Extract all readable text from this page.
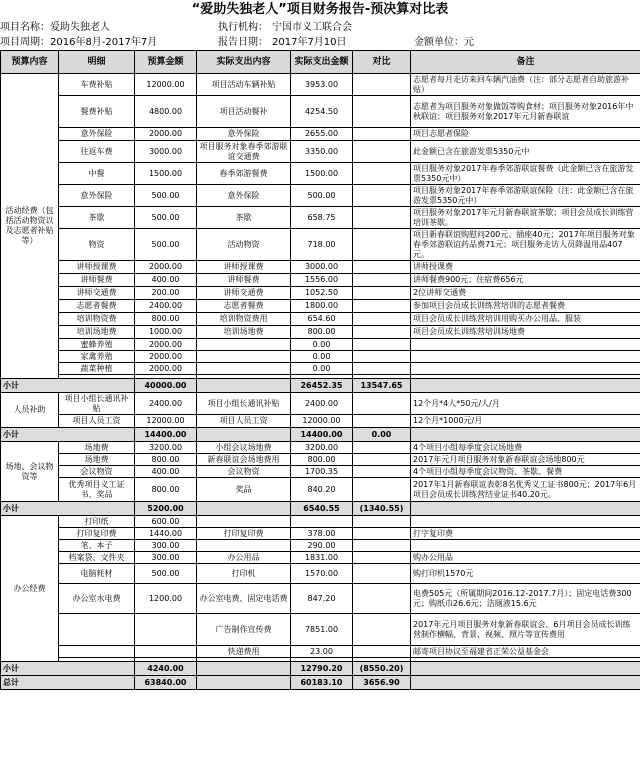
“爱助失独老人”项目财务报告-预决算对比表
项目名称： 爱助失独老人	执行机构： 宁国市义工联合会
项目周期： 2016年8月-2017年7月	报告日期： 2017年7月10日	金额单位： 元
预算内容	明细	预算金额	实际支出内容	实际支出金额	对比	备注
活动经费（包括活动物资以及志愿者补贴等）	车费补贴	12000.00	项目活动车辆补贴	3953.00		志愿者每月走访来回车辆汽油费（注：部分志愿者自助旅游补贴）
	餐费补贴	4800.00	项目活动餐补	4254.50		志愿者为项目服务对象做饭等购食材；项目服务对象2016年中秋联谊；项目服务对象2017年元月新春联谊
	意外保险	2000.00	意外保险	2655.00		项目志愿者保险
	往返车费	3000.00	项目服务对象春季郊游联谊交通费	3350.00		此金额已含在旅游发票5350元中
	中餐	1500.00	春季郊游餐费	1500.00		项目服务对象2017年春季郊游联谊餐费（此金额已含在旅游发票5350元中）
	意外保险	500.00	意外保险	500.00		项目服务对象2017年春季郊游联谊保险（注：此金额已含在旅游发票5350元中）
	茶歇	500.00	茶歇	658.75		项目服务对象2017年元月新春联谊茶歇；项目会员成长训练营培训茶歇。
	物资	500.00	活动物资	718.00		项目新春联谊购慰问200元、插座40元；2017年项目服务对象春季郊游联谊药品费71元；项目服务走访人员降温用品407元。
	讲师授课费	2000.00	讲师授课费	3000.00		讲师授课费
	讲师餐费	400.00	讲师餐费	1556.00		讲师餐费900元；住宿费656元
	讲师交通费	200.00	讲师交通费	1052.50		2位讲师交通费
	志愿者餐费	2400.00	志愿者餐费	1800.00		参加项目会员成长训练营培训的志愿者餐费
	培训物资费	800.00	培训物资费用	654.60		项目会员成长训练营培训用购买办公用品、服装
	培训场地费	1000.00	培训场地费	800.00		项目会员成长训练营培训场地费
	蜜蜂养殖	2000.00		0.00		
	家禽养殖	2000.00		0.00		
	蔬菜种植	2000.00		0.00		

小计		40000.00		26452.35	13547.65	
人员补助	项目小组长通讯补贴	2400.00	项目小组长通讯补贴	2400.00		12个月*4人*50元/人/月
	项目人员工资	12000.00	项目人员工资	12000.00		12个月*1000元/月
小计		14400.00		14400.00	0.00	
场地、会议物资等	场地费	3200.00	小组会议场地费	3200.00		4个项目小组每季度会议场地费
	场地费	800.00	新春联谊会场地费用	800.00		2017年元月项目服务对象新春联谊会场地800元
	会议物资	400.00	会议物资	1700.35		4个项目小组每季度会议物资、茶歇、餐费
	优秀项目义工证书、奖品	800.00	奖品	840.20		2017年1月新春联谊表彰8名优秀义工证书800元；2017年6月项目会员成长训练营结业证书40.20元。
小计		5200.00		6540.55	(1340.55)	
办公经费	打印纸	600.00				
	打印复印费	1440.00	打印复印费	378.00		打字复印费
	笔、本子	300.00		290.00		
	档案袋、文件夹	300.00	办公用品	1831.00		购办公用品
	电脑耗材	500.00	打印机	1570.00		购打印机1570元
	办公室水电费	1200.00	办公室电费、固定电话费	847.20		电费505元（所属期间2016.12-2017.7月）；固定电话费300元；购纸巾26.6元；洁厕液15.6元
			广告制作宣传费	7851.00		2017年元月项目服务对象新春联谊会、6月项目会员成长训练营制作横幅、背景、视频、照片等宣传费用
			快递费用	23.00		邮寄项目协议至福建省正荣公益基金会

小计		4240.00		12790.20	(8550.20)	
总计		63840.00		60183.10	3656.90	
